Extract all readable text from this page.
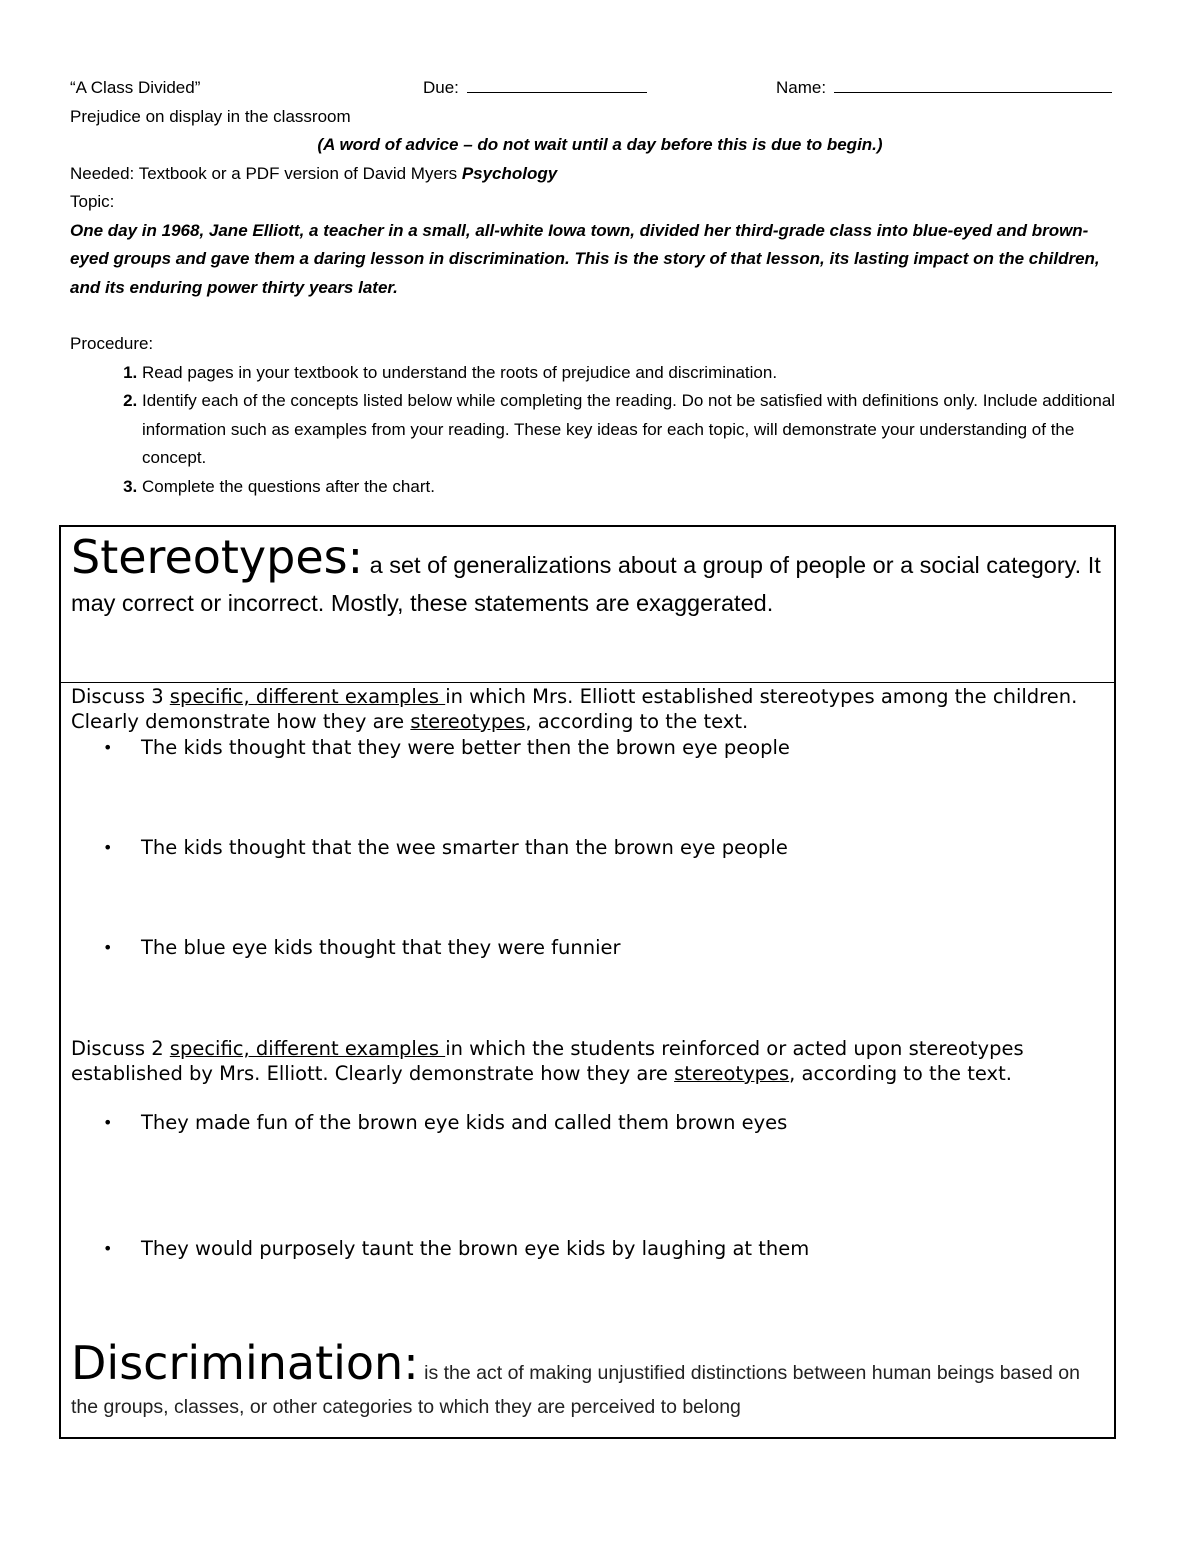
“A Class Divided”	Due:	Name:
Prejudice on display in the classroom
(A word of advice – do not wait until a day before this is due to begin.)
Needed: Textbook or a PDF version of David Myers Psychology
Topic:
One day in 1968, Jane Elliott, a teacher in a small, all-white Iowa town, divided her third-grade class into blue-eyed and brown-eyed groups and gave them a daring lesson in discrimination. This is the story of that lesson, its lasting impact on the children, and its enduring power thirty years later.
Procedure:
1. Read pages in your textbook to understand the roots of prejudice and discrimination.
2. Identify each of the concepts listed below while completing the reading. Do not be satisfied with definitions only. Include additional information such as examples from your reading. These key ideas for each topic, will demonstrate your understanding of the concept.
3. Complete the questions after the chart.
Stereotypes: a set of generalizations about a group of people or a social category. It may correct or incorrect. Mostly, these statements are exaggerated.
Discuss 3 specific, different examples in which Mrs. Elliott established stereotypes among the children. Clearly demonstrate how they are stereotypes, according to the text.
• The kids thought that they were better then the brown eye people
• The kids thought that the wee smarter than the brown eye people
• The blue eye kids thought that they were funnier
Discuss 2 specific, different examples in which the students reinforced or acted upon stereotypes established by Mrs. Elliott. Clearly demonstrate how they are stereotypes, according to the text.
• They made fun of the brown eye kids and called them brown eyes
• They would purposely taunt the brown eye kids by laughing at them
Discrimination: is the act of making unjustified distinctions between human beings based on the groups, classes, or other categories to which they are perceived to belong
